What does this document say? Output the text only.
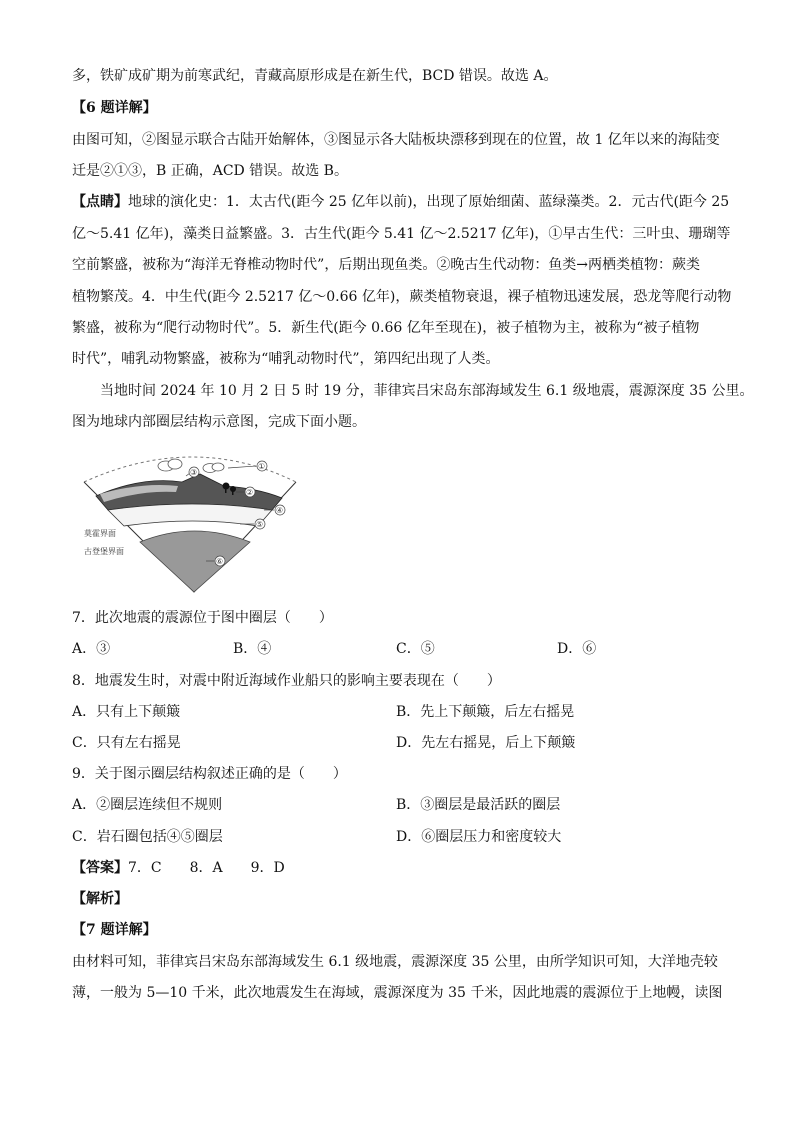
多，铁矿成矿期为前寒武纪，青藏高原形成是在新生代，BCD 错误。故选 A。
【6 题详解】
由图可知，②图显示联合古陆开始解体，③图显示各大陆板块漂移到现在的位置，故 1 亿年以来的海陆变
迁是②①③，B 正确，ACD 错误。故选 B。
【点睛】地球的演化史：1．太古代(距今 25 亿年以前)，出现了原始细菌、蓝绿藻类。2．元古代(距今 25
亿～5.41 亿年)，藻类日益繁盛。3．古生代(距今 5.41 亿～2.5217 亿年)，①早古生代：三叶虫、珊瑚等
空前繁盛，被称为“海洋无脊椎动物时代”，后期出现鱼类。②晚古生代动物：鱼类→两栖类植物：蕨类
植物繁茂。4．中生代(距今 2.5217 亿～0.66 亿年)，蕨类植物衰退，裸子植物迅速发展，恐龙等爬行动物
繁盛，被称为“爬行动物时代”。5．新生代(距今 0.66 亿年至现在)，被子植物为主，被称为“被子植物
时代”，哺乳动物繁盛，被称为“哺乳动物时代”，第四纪出现了人类。
当地时间 2024 年 10 月 2 日 5 时 19 分，菲律宾吕宋岛东部海域发生 6.1 级地震，震源深度 35 公里。
图为地球内部圈层结构示意图，完成下面小题。
①
②
③
④
⑤
⑥
莫霍界面
古登堡界面
7．此次地震的震源位于图中圈层（　　）
A．③	B．④	C．⑤	D．⑥
8．地震发生时，对震中附近海域作业船只的影响主要表现在（　　）
A．只有上下颠簸	B．先上下颠簸，后左右摇晃
C．只有左右摇晃	D．先左右摇晃，后上下颠簸
9．关于图示圈层结构叙述正确的是（　　）
A．②圈层连续但不规则	B．③圈层是最活跃的圈层
C．岩石圈包括④⑤圈层	D．⑥圈层压力和密度较大
【答案】7．C　　8．A　　9．D
【解析】
【7 题详解】
由材料可知，菲律宾吕宋岛东部海域发生 6.1 级地震，震源深度 35 公里，由所学知识可知，大洋地壳较
薄，一般为 5—10 千米，此次地震发生在海域，震源深度为 35 千米，因此地震的震源位于上地幔，读图
